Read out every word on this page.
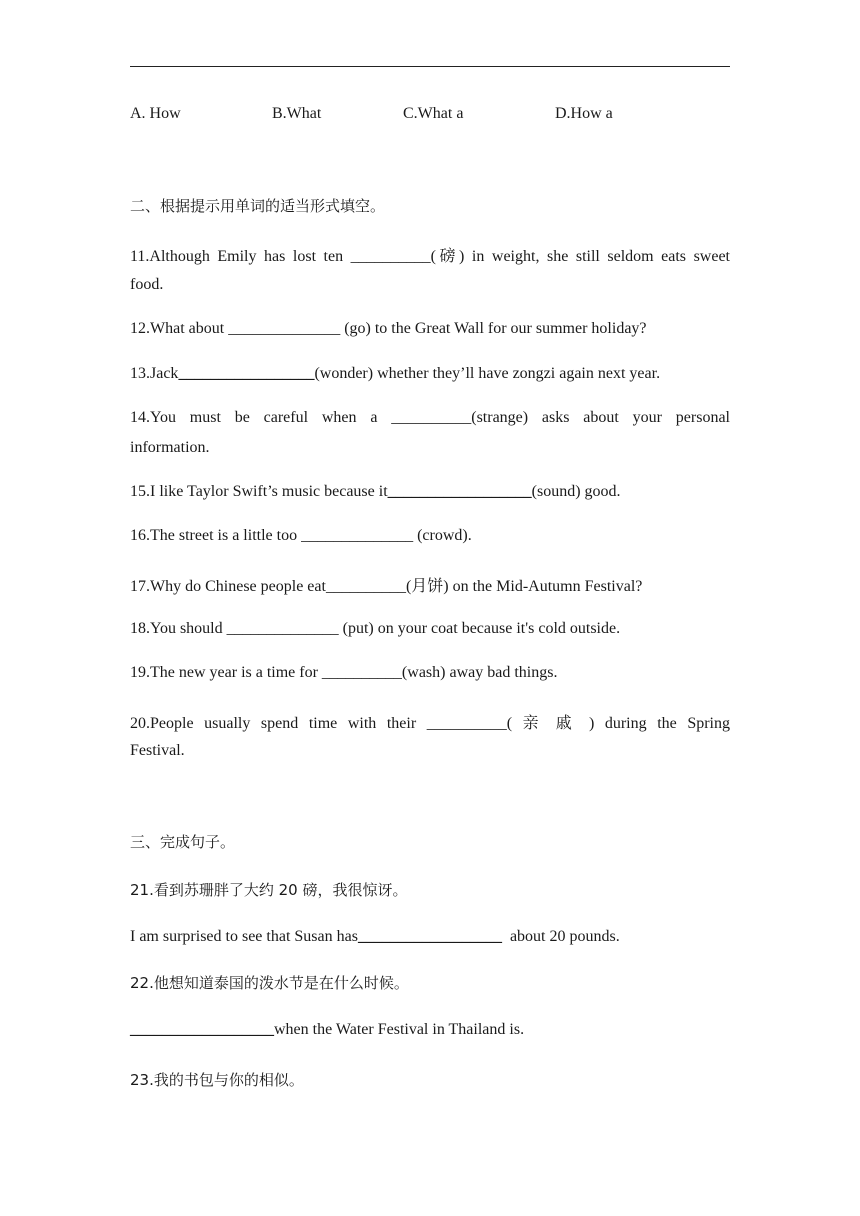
A. How	B.What	C.What a	D.How a
二、根据提示用单词的适当形式填空。
11.Although Emily has lost ten __________(磅) in weight, she still seldom eats sweet
food.
12.What about ______________ (go) to the Great Wall for our summer holiday?
13.Jack_________________(wonder) whether they’ll have zongzi again next year.
14.You must be careful when a __________(strange) asks about your personal
information.
15.I like Taylor Swift’s music because it__________________(sound) good.
16.The street is a little too ______________ (crowd).
17.Why do Chinese people eat__________(月饼) on the Mid-Autumn Festival?
18.You should ______________ (put) on your coat because it's cold outside.
19.The new year is a time for __________(wash) away bad things.
20.People usually spend time with their __________( 亲 戚 ) during the Spring
Festival.
三、完成句子。
21.看到苏珊胖了大约 20 磅，我很惊讶。
I am surprised to see that Susan has__________________  about 20 pounds.
22.他想知道泰国的泼水节是在什么时候。
__________________when the Water Festival in Thailand is.
23.我的书包与你的相似。
